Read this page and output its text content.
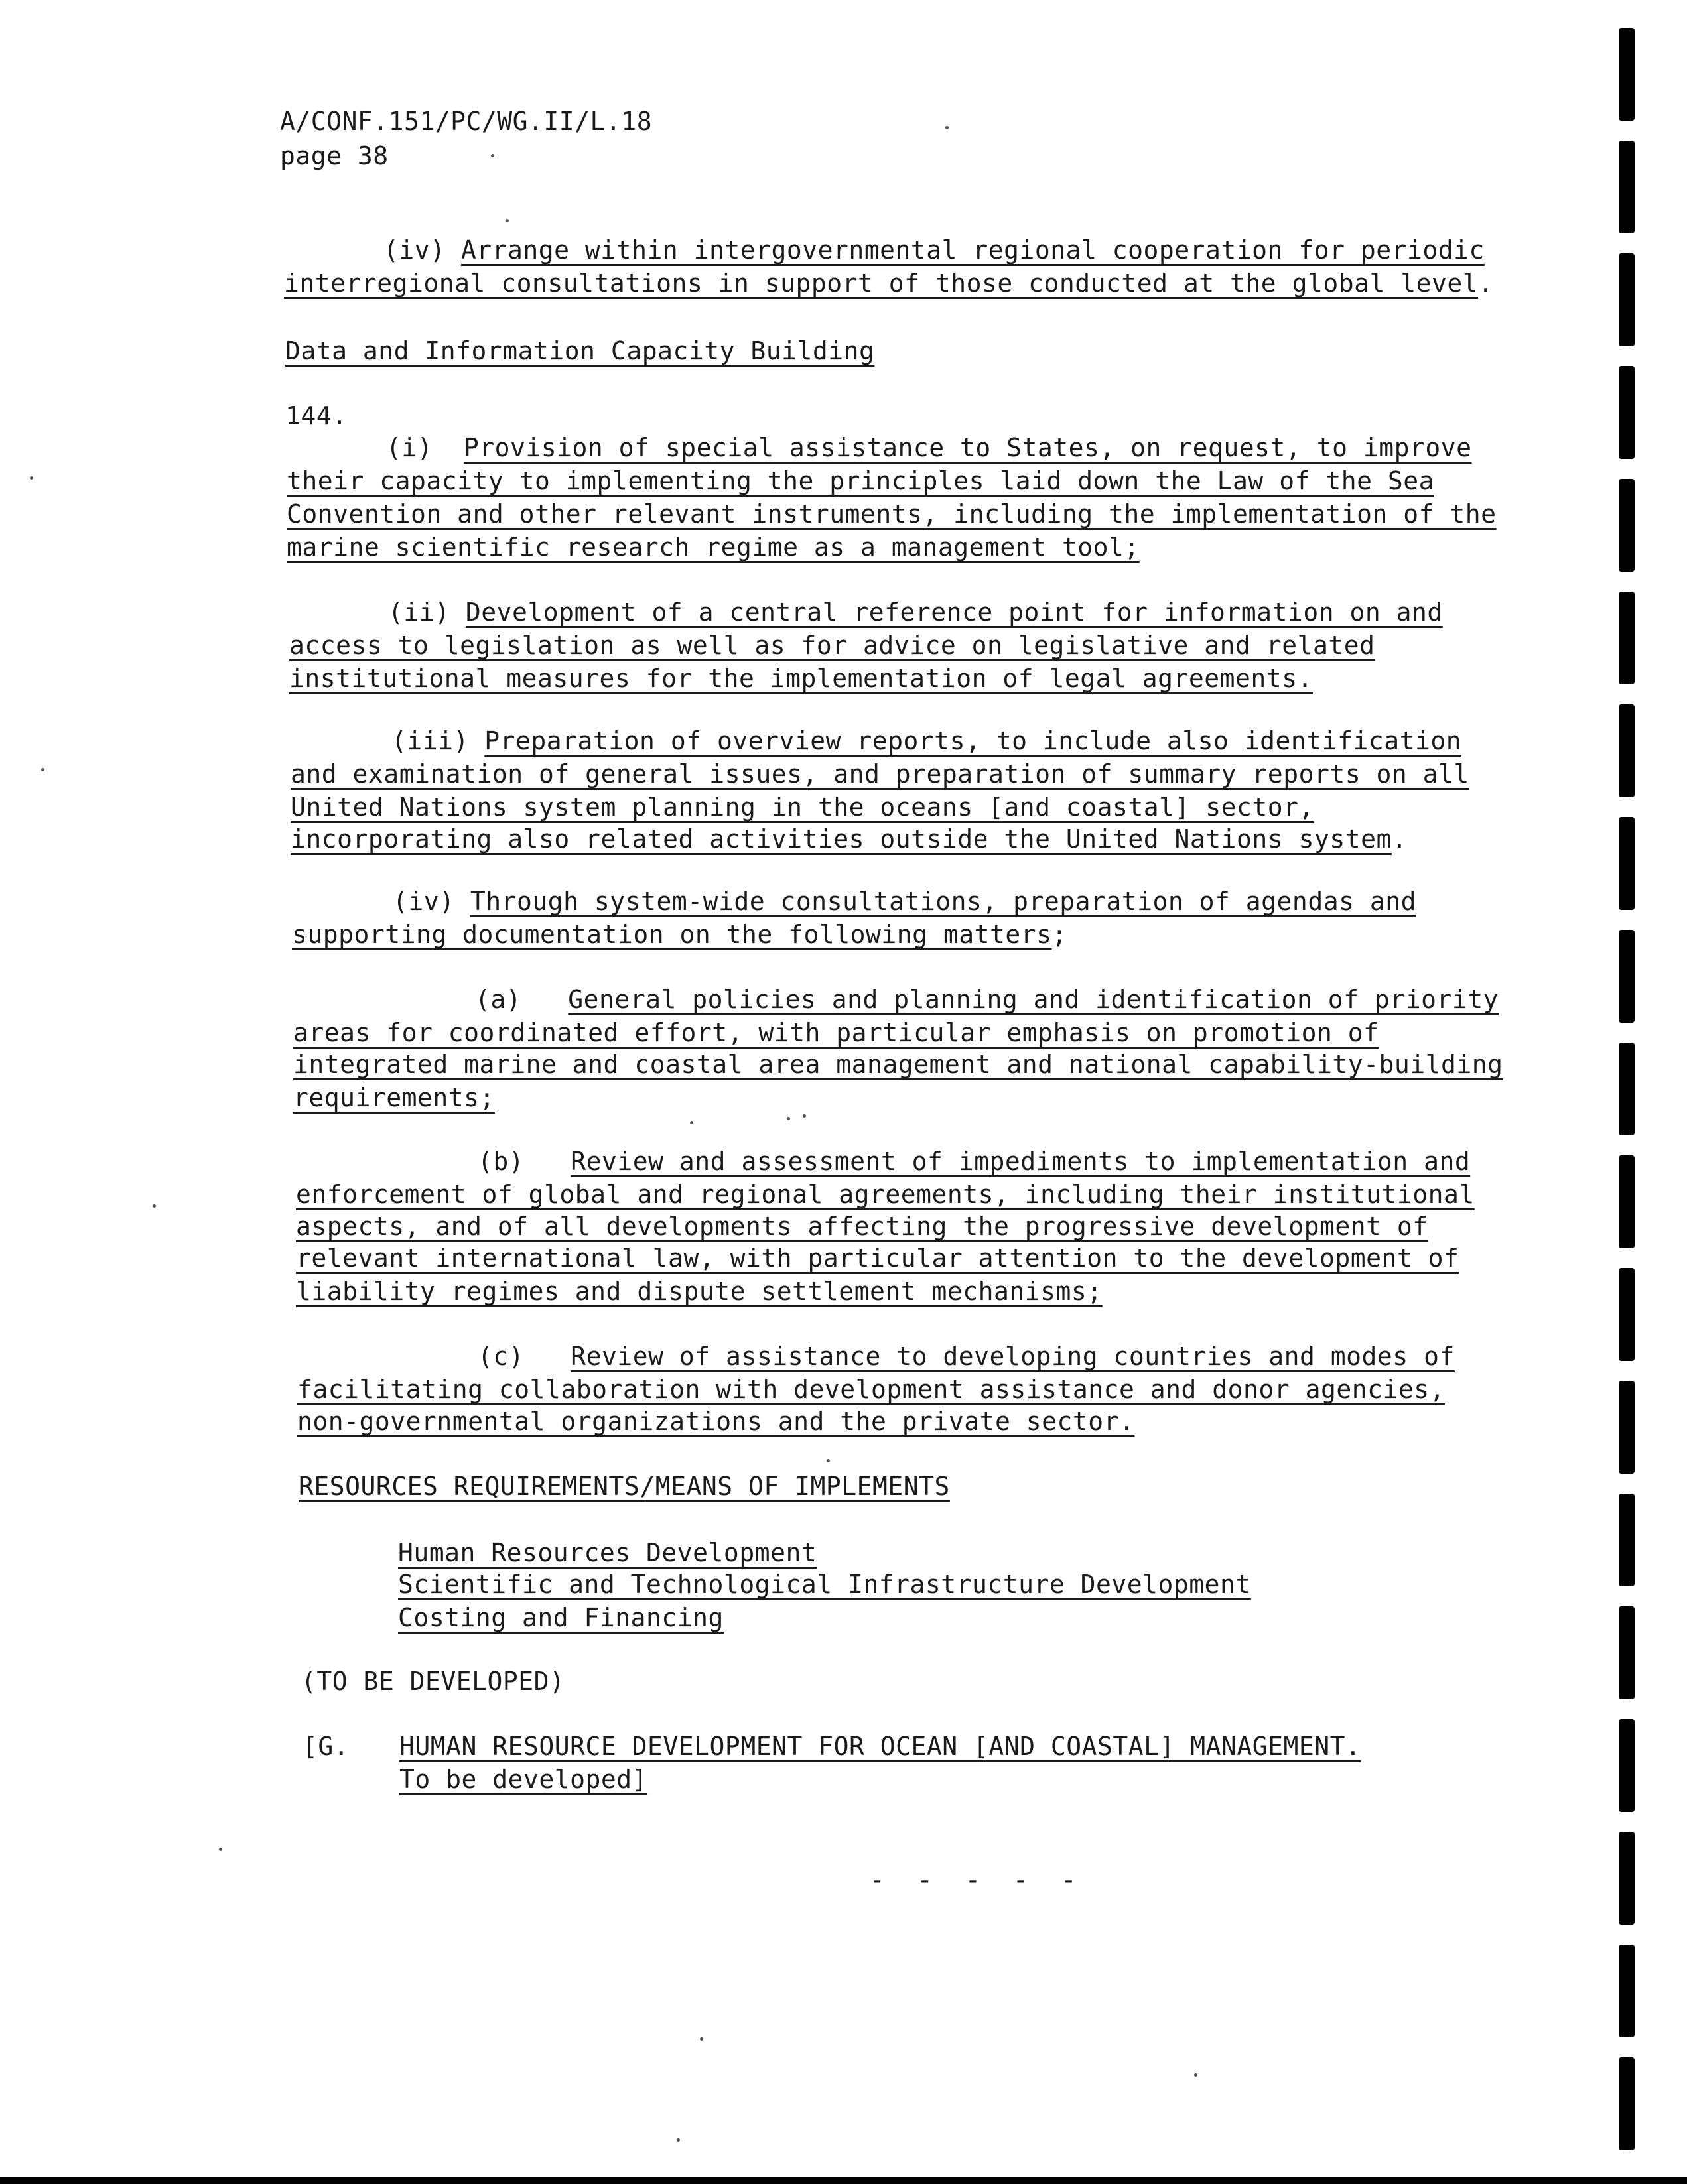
A/CONF.151/PC/WG.II/L.18
page 38
(iv) Arrange within intergovernmental regional cooperation for periodic
interregional consultations in support of those conducted at the global level.
Data and Information Capacity Building
144.
(i) Provision of special assistance to States, on request, to improve
their capacity to implementing the principles laid down the Law of the Sea
Convention and other relevant instruments, including the implementation of the
marine scientific research regime as a management tool;
(ii) Development of a central reference point for information on and
access to legislation as well as for advice on legislative and related
institutional measures for the implementation of legal agreements.
(iii) Preparation of overview reports, to include also identification
and examination of general issues, and preparation of summary reports on all
United Nations system planning in the oceans [and coastal] sector,
incorporating also related activities outside the United Nations system.
(iv) Through system-wide consultations, preparation of agendas and
supporting documentation on the following matters;
(a) General policies and planning and identification of priority
areas for coordinated effort, with particular emphasis on promotion of
integrated marine and coastal area management and national capability-building
requirements;
(b) Review and assessment of impediments to implementation and
enforcement of global and regional agreements, including their institutional
aspects, and of all developments affecting the progressive development of
relevant international law, with particular attention to the development of
liability regimes and dispute settlement mechanisms;
(c) Review of assistance to developing countries and modes of
facilitating collaboration with development assistance and donor agencies,
non-governmental organizations and the private sector.
RESOURCES REQUIREMENTS/MEANS OF IMPLEMENTS
Human Resources Development
Scientific and Technological Infrastructure Development
Costing and Financing
(TO BE DEVELOPED)
[G. HUMAN RESOURCE DEVELOPMENT FOR OCEAN [AND COASTAL] MANAGEMENT.
To be developed]
- - - - -
